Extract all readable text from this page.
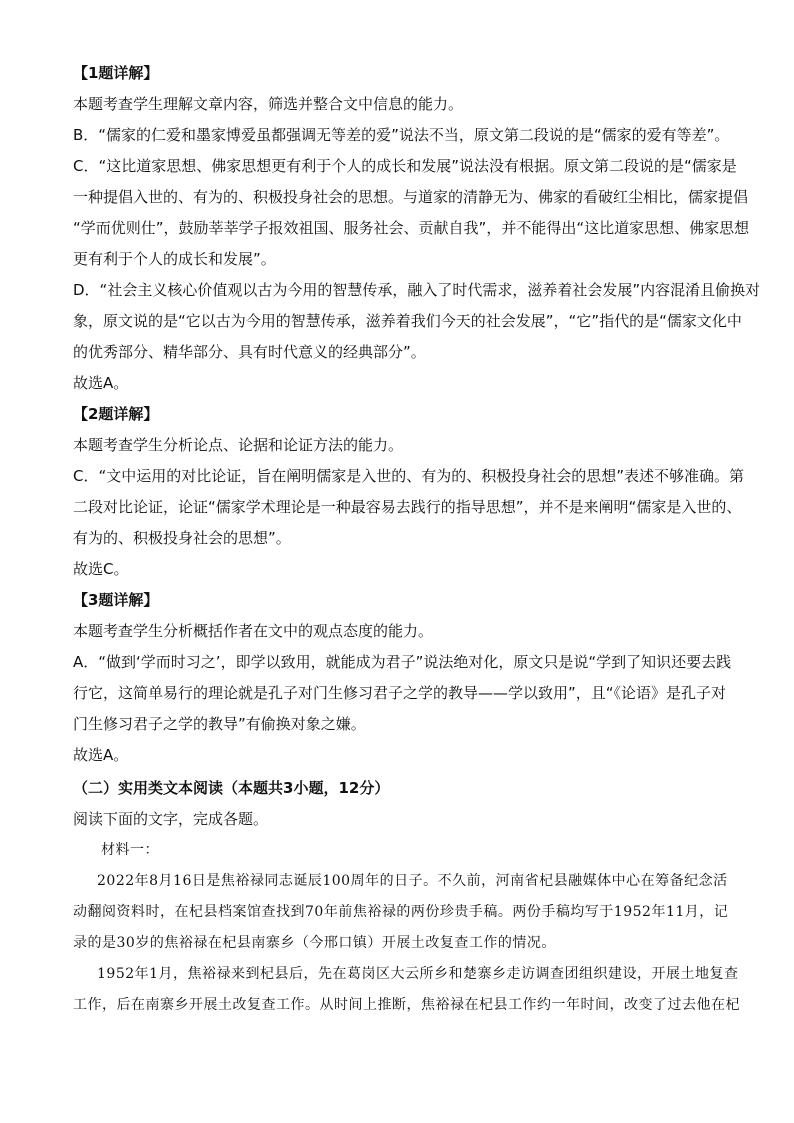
【1题详解】
本题考查学生理解文章内容，筛选并整合文中信息的能力。
B．“儒家的仁爱和墨家博爱虽都强调无等差的爱”说法不当，原文第二段说的是“儒家的爱有等差”。
C．“这比道家思想、佛家思想更有利于个人的成长和发展”说法没有根据。原文第二段说的是“儒家是
一种提倡入世的、有为的、积极投身社会的思想。与道家的清静无为、佛家的看破红尘相比，儒家提倡
“学而优则仕”，鼓励莘莘学子报效祖国、服务社会、贡献自我”，并不能得出“这比道家思想、佛家思想
更有利于个人的成长和发展”。
D．“社会主义核心价值观以古为今用的智慧传承，融入了时代需求，滋养着社会发展”内容混淆且偷换对
象，原文说的是“它以古为今用的智慧传承，滋养着我们今天的社会发展”，“它”指代的是“儒家文化中
的优秀部分、精华部分、具有时代意义的经典部分”。
故选A。
【2题详解】
本题考查学生分析论点、论据和论证方法的能力。
C．“文中运用的对比论证，旨在阐明儒家是入世的、有为的、积极投身社会的思想”表述不够准确。第
二段对比论证，论证“儒家学术理论是一种最容易去践行的指导思想”，并不是来阐明“儒家是入世的、
有为的、积极投身社会的思想”。
故选C。
【3题详解】
本题考查学生分析概括作者在文中的观点态度的能力。
A．“做到‘学而时习之’，即学以致用，就能成为君子”说法绝对化，原文只是说“学到了知识还要去践
行它，这简单易行的理论就是孔子对门生修习君子之学的教导——学以致用”，且“《论语》是孔子对
门生修习君子之学的教导”有偷换对象之嫌。
故选A。
（二）实用类文本阅读（本题共3小题，12分）
阅读下面的文字，完成各题。
材料一：
2022年8月16日是焦裕禄同志诞辰100周年的日子。不久前，河南省杞县融媒体中心在筹备纪念活
动翻阅资料时，在杞县档案馆查找到70年前焦裕禄的两份珍贵手稿。两份手稿均写于1952年11月，记
录的是30岁的焦裕禄在杞县南寨乡（今邢口镇）开展土改复查工作的情况。
1952年1月，焦裕禄来到杞县后，先在葛岗区大云所乡和楚寨乡走访调查团组织建设，开展土地复查
工作，后在南寨乡开展土改复查工作。从时间上推断，焦裕禄在杞县工作约一年时间，改变了过去他在杞
